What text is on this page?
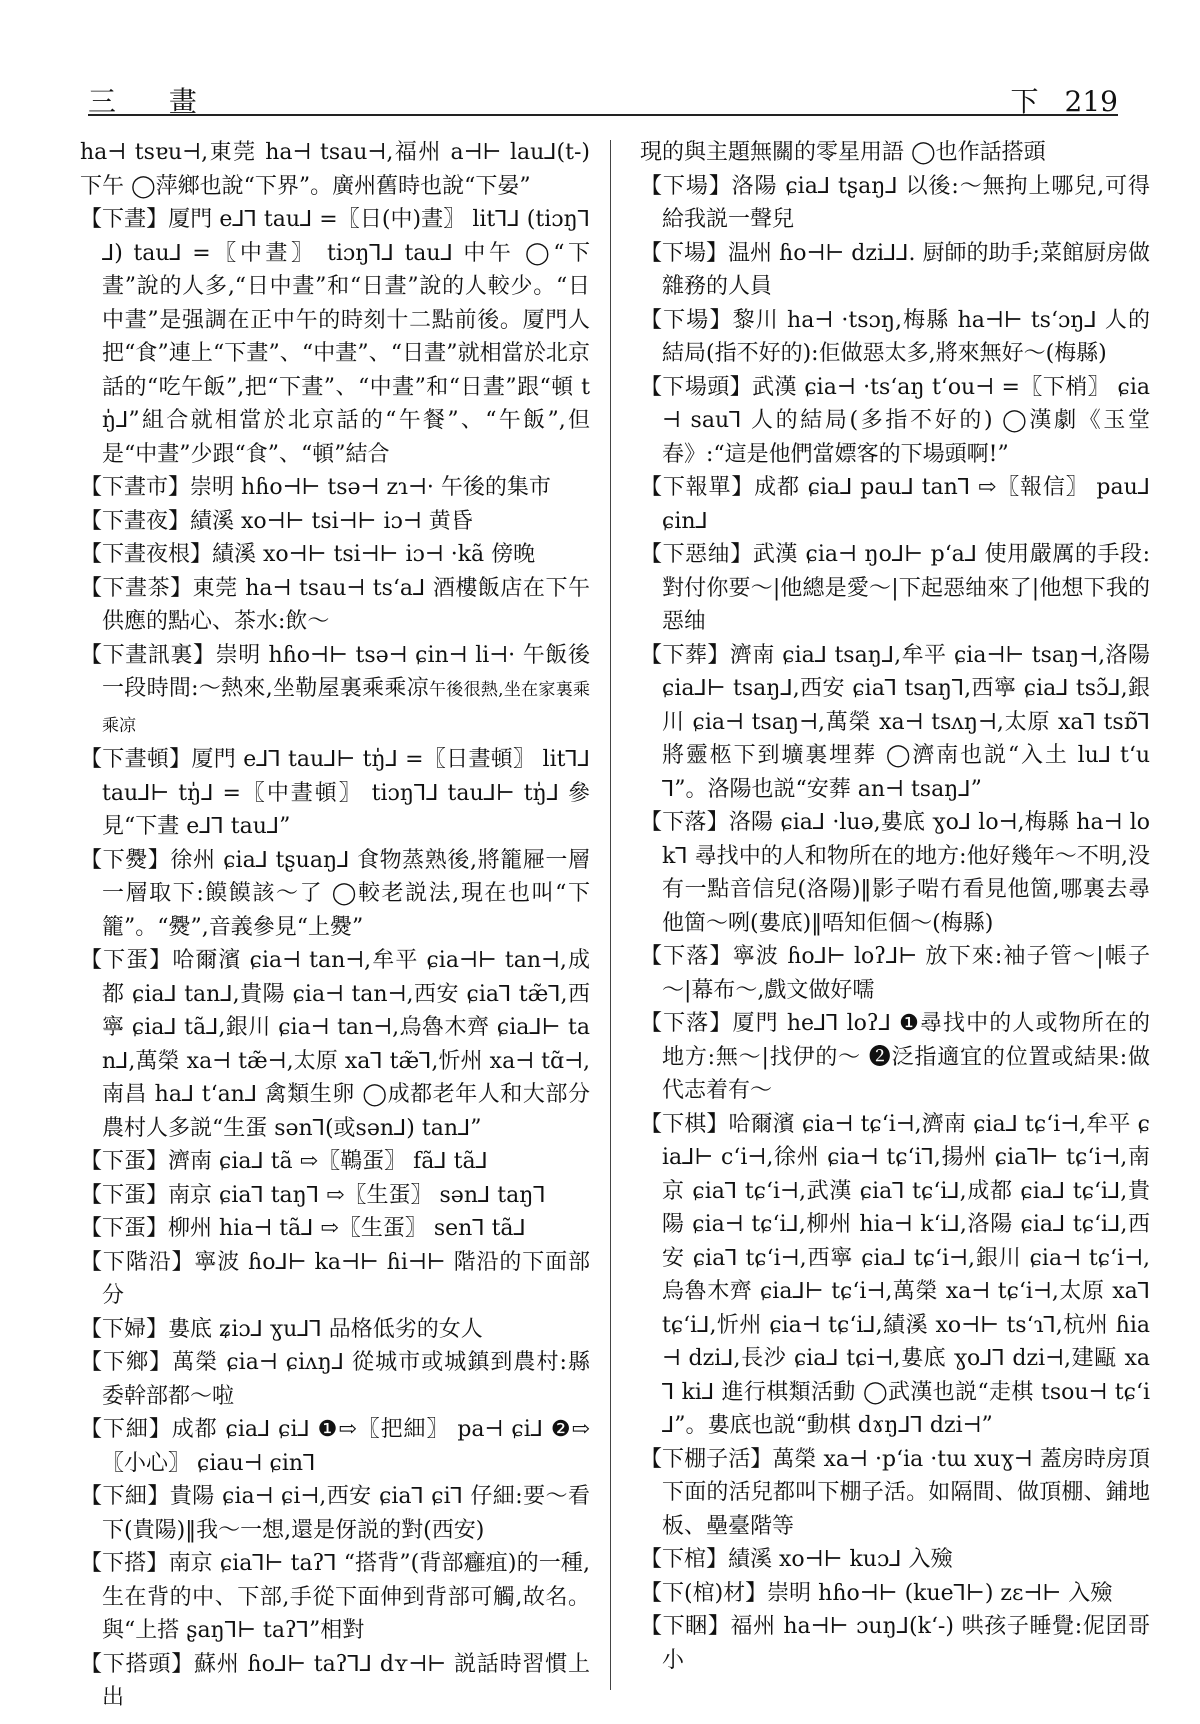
三 畫	下 219

ha⊣ tsɐu⊣,東莞 ha⊣ tsau⊣,福州 a⊣⊢ lau⅃(t-)下午 ◯萍鄉也說“下界”。廣州舊時也說“下晏”

【下晝】厦門 e⅃⅂ tau⅃ =〖日(中)晝〗 lit⅂⅃ (tiɔŋ⅂⅃) tau⅃ =〖中晝〗 tiɔŋ⅂⅃ tau⅃ 中午 ◯“下晝”說的人多,“日中晝”和“日晝”說的人較少。“日中晝”是强調在正中午的時刻十二點前後。厦門人把“食”連上“下晝”、“中晝”、“日晝”就相當於北京話的“吃午飯”,把“下晝”、“中晝”和“日晝”跟“頓 tŋ̍⅃”組合就相當於北京話的“午餐”、“午飯”,但是“中晝”少跟“食”、“頓”結合

【下晝市】崇明 hɦo⊣⊢ tsə⊣ zɿ⊣· 午後的集市

【下晝夜】績溪 xo⊣⊢ tsi⊣⊢ iɔ⊣ 黄昏

【下晝夜根】績溪 xo⊣⊢ tsi⊣⊢ iɔ⊣ ·kã 傍晚

【下晝茶】東莞 ha⊣ tsau⊣ tsʻa⅃ 酒樓飯店在下午供應的點心、茶水:飲～

【下晝訊裏】崇明 hɦo⊣⊢ tsə⊣ ɕin⊣ li⊣· 午飯後一段時間:～熱來,坐勒屋裏乘乘凉午後很熱,坐在家裏乘乘凉

【下晝頓】厦門 e⅃⅂ tau⅃⊢ tŋ̍⅃ =〖日晝頓〗 lit⅂⅃ tau⅃⊢ tŋ̍⅃ =〖中晝頓〗 tiɔŋ⅂⅃ tau⅃⊢ tŋ̍⅃ 參見“下晝 e⅃⅂ tau⅃”

【下㸑】徐州 ɕia⅃ tʂuaŋ⅃ 食物蒸熟後,將籠屜一層一層取下:饃饃該～了 ◯較老説法,現在也叫“下籠”。“㸑”,音義參見“上㸑”

【下蛋】哈爾濱 ɕia⊣ tan⊣,牟平 ɕia⊣⊢ tan⊣,成都 ɕia⅃ tan⅃,貴陽 ɕia⊣ tan⊣,西安 ɕia⅂ tæ̃⅂,西寧 ɕia⅃ tã⅃,銀川 ɕia⊣ tan⊣,烏魯木齊 ɕia⅃⊢ tan⅃,萬榮 xa⊣ tæ̃⊣,太原 xa⅂ tæ̃⅂,忻州 xa⊣ tɑ̃⊣,南昌 ha⅃ tʻan⅃ 禽類生卵 ◯成都老年人和大部分農村人多説“生蛋 sən⅂(或sən⅃) tan⅃”

【下蛋】濟南 ɕia⅃ tã ⇨〖䳬蛋〗 fã⅃ tã⅃

【下蛋】南京 ɕia⅂ taŋ⅂ ⇨〖生蛋〗 sən⅃ taŋ⅂

【下蛋】柳州 hia⊣ tã⅃ ⇨〖生蛋〗 sen⅂ tã⅃

【下階沿】寧波 ɦo⅃⊢ ka⊣⊢ ɦi⊣⊢ 階沿的下面部分

【下婦】婁底 ʑiɔ⅃ ɣu⅃⅂ 品格低劣的女人

【下鄉】萬榮 ɕia⊣ ɕiʌŋ⅃ 從城市或城鎮到農村:縣委幹部都～啦

【下細】成都 ɕia⅃ ɕi⅃ ❶⇨〖把細〗 pa⊣ ɕi⅃ ❷⇨〖小心〗 ɕiau⊣ ɕin⅂

【下細】貴陽 ɕia⊣ ɕi⊣,西安 ɕia⅂ ɕi⅂ 仔細:要～看下(貴陽)‖我～一想,還是伢説的對(西安)

【下搭】南京 ɕia⅂⊢ taʔ⅂ “搭背”(背部癰疽)的一種,生在背的中、下部,手從下面伸到背部可觸,故名。與“上搭 ʂaŋ⅂⊢ taʔ⅂”相對

【下搭頭】蘇州 ɦo⅃⊢ taʔ⅂⅃ dʏ⊣⊢ 説話時習慣上出

現的與主題無關的零星用語 ◯也作話搭頭

【下場】洛陽 ɕia⅃ tʂaŋ⅃ 以後:～無拘上哪兒,可得給我説一聲兒

【下場】温州 ɦo⊣⊢ dzi⅃⅃. 厨師的助手;菜館厨房做雜務的人員

【下場】黎川 ha⊣ ·tsɔŋ,梅縣 ha⊣⊢ tsʻɔŋ⅃ 人的結局(指不好的):佢做惡太多,將來無好～(梅縣)

【下場頭】武漢 ɕia⊣ ·tsʻaŋ tʻou⊣ =〖下梢〗 ɕia⊣ sau⅂ 人的結局(多指不好的) ◯漢劇《玉堂春》:“這是他們當嫖客的下場頭啊!”

【下報單】成都 ɕia⅃ pau⅃ tan⅂ ⇨〖報信〗 pau⅃ ɕin⅃

【下惡䌷】武漢 ɕia⊣ ŋo⅃⊢ pʻa⅃ 使用嚴厲的手段:對付你要～|他總是愛～|下起惡䌷來了|他想下我的惡䌷

【下葬】濟南 ɕia⅃ tsaŋ⅃,牟平 ɕia⊣⊢ tsaŋ⊣,洛陽 ɕia⅃⊢ tsaŋ⅃,西安 ɕia⅂ tsaŋ⅂,西寧 ɕia⅃ tsɔ̃⅃,銀川 ɕia⊣ tsaŋ⊣,萬榮 xa⊣ tsʌŋ⊣,太原 xa⅂ tsɒ̃⅂ 將靈柩下到壙裏埋葬 ◯濟南也説“入土 lu⅃ tʻu⅂”。洛陽也説“安葬 an⊣ tsaŋ⅃”

【下落】洛陽 ɕia⅃ ·luə,婁底 ɣo⅃ lo⊣,梅縣 ha⊣ lok⅂ 尋找中的人和物所在的地方:他好幾年～不明,没有一點音信兒(洛陽)‖影子啱冇看見他箇,哪裏去尋他箇～咧(婁底)‖唔知佢個～(梅縣)

【下落】寧波 ɦo⅃⊢ loʔ⅃⊢ 放下來:袖子管～|帳子～|幕布～,戲文做好嚅

【下落】厦門 he⅃⅂ loʔ⅃ ❶尋找中的人或物所在的地方:無～|找伊的～ ❷泛指適宜的位置或結果:做代志着有～

【下棋】哈爾濱 ɕia⊣ tɕʻi⊣,濟南 ɕia⅃ tɕʻi⊣,牟平 ɕia⅃⊢ cʻi⊣,徐州 ɕia⊣ tɕʻi⅂,揚州 ɕia⅂⊢ tɕʻi⊣,南京 ɕia⅂ tɕʻi⊣,武漢 ɕia⅂ tɕʻi⅃,成都 ɕia⅃ tɕʻi⅃,貴陽 ɕia⊣ tɕʻi⅃,柳州 hia⊣ kʻi⅃,洛陽 ɕia⅃ tɕʻi⅃,西安 ɕia⅂ tɕʻi⊣,西寧 ɕia⅃ tɕʻi⊣,銀川 ɕia⊣ tɕʻi⊣,烏魯木齊 ɕia⅃⊢ tɕʻi⊣,萬榮 xa⊣ tɕʻi⊣,太原 xa⅂ tɕʻi⅃,忻州 ɕia⊣ tɕʻi⅃,績溪 xo⊣⊢ tsʻɿ⅂,杭州 ɦia⊣ dzi⅃,長沙 ɕia⅃ tɕi⊣,婁底 ɣo⅃⅂ dzi⊣,建甌 xa⅂ ki⅃ 進行棋類活動 ◯武漢也説“走棋 tsou⊣ tɕʻi⅃”。婁底也説“動棋 dɤŋ⅃⅂ dzi⊣”

【下棚子活】萬榮 xa⊣ ·pʻia ·tɯ xuɣ⊣ 蓋房時房頂下面的活兒都叫下棚子活。如隔間、做頂棚、鋪地板、壘臺階等

【下棺】績溪 xo⊣⊢ kuɔ⅃ 入殮

【下(棺)材】崇明 hɦo⊣⊢ (kue⅂⊢) zɛ⊣⊢ 入殮

【下睏】福州 ha⊣⊢ ɔuŋ⅃(kʻ-) 哄孩子睡覺:伲囝哥小
